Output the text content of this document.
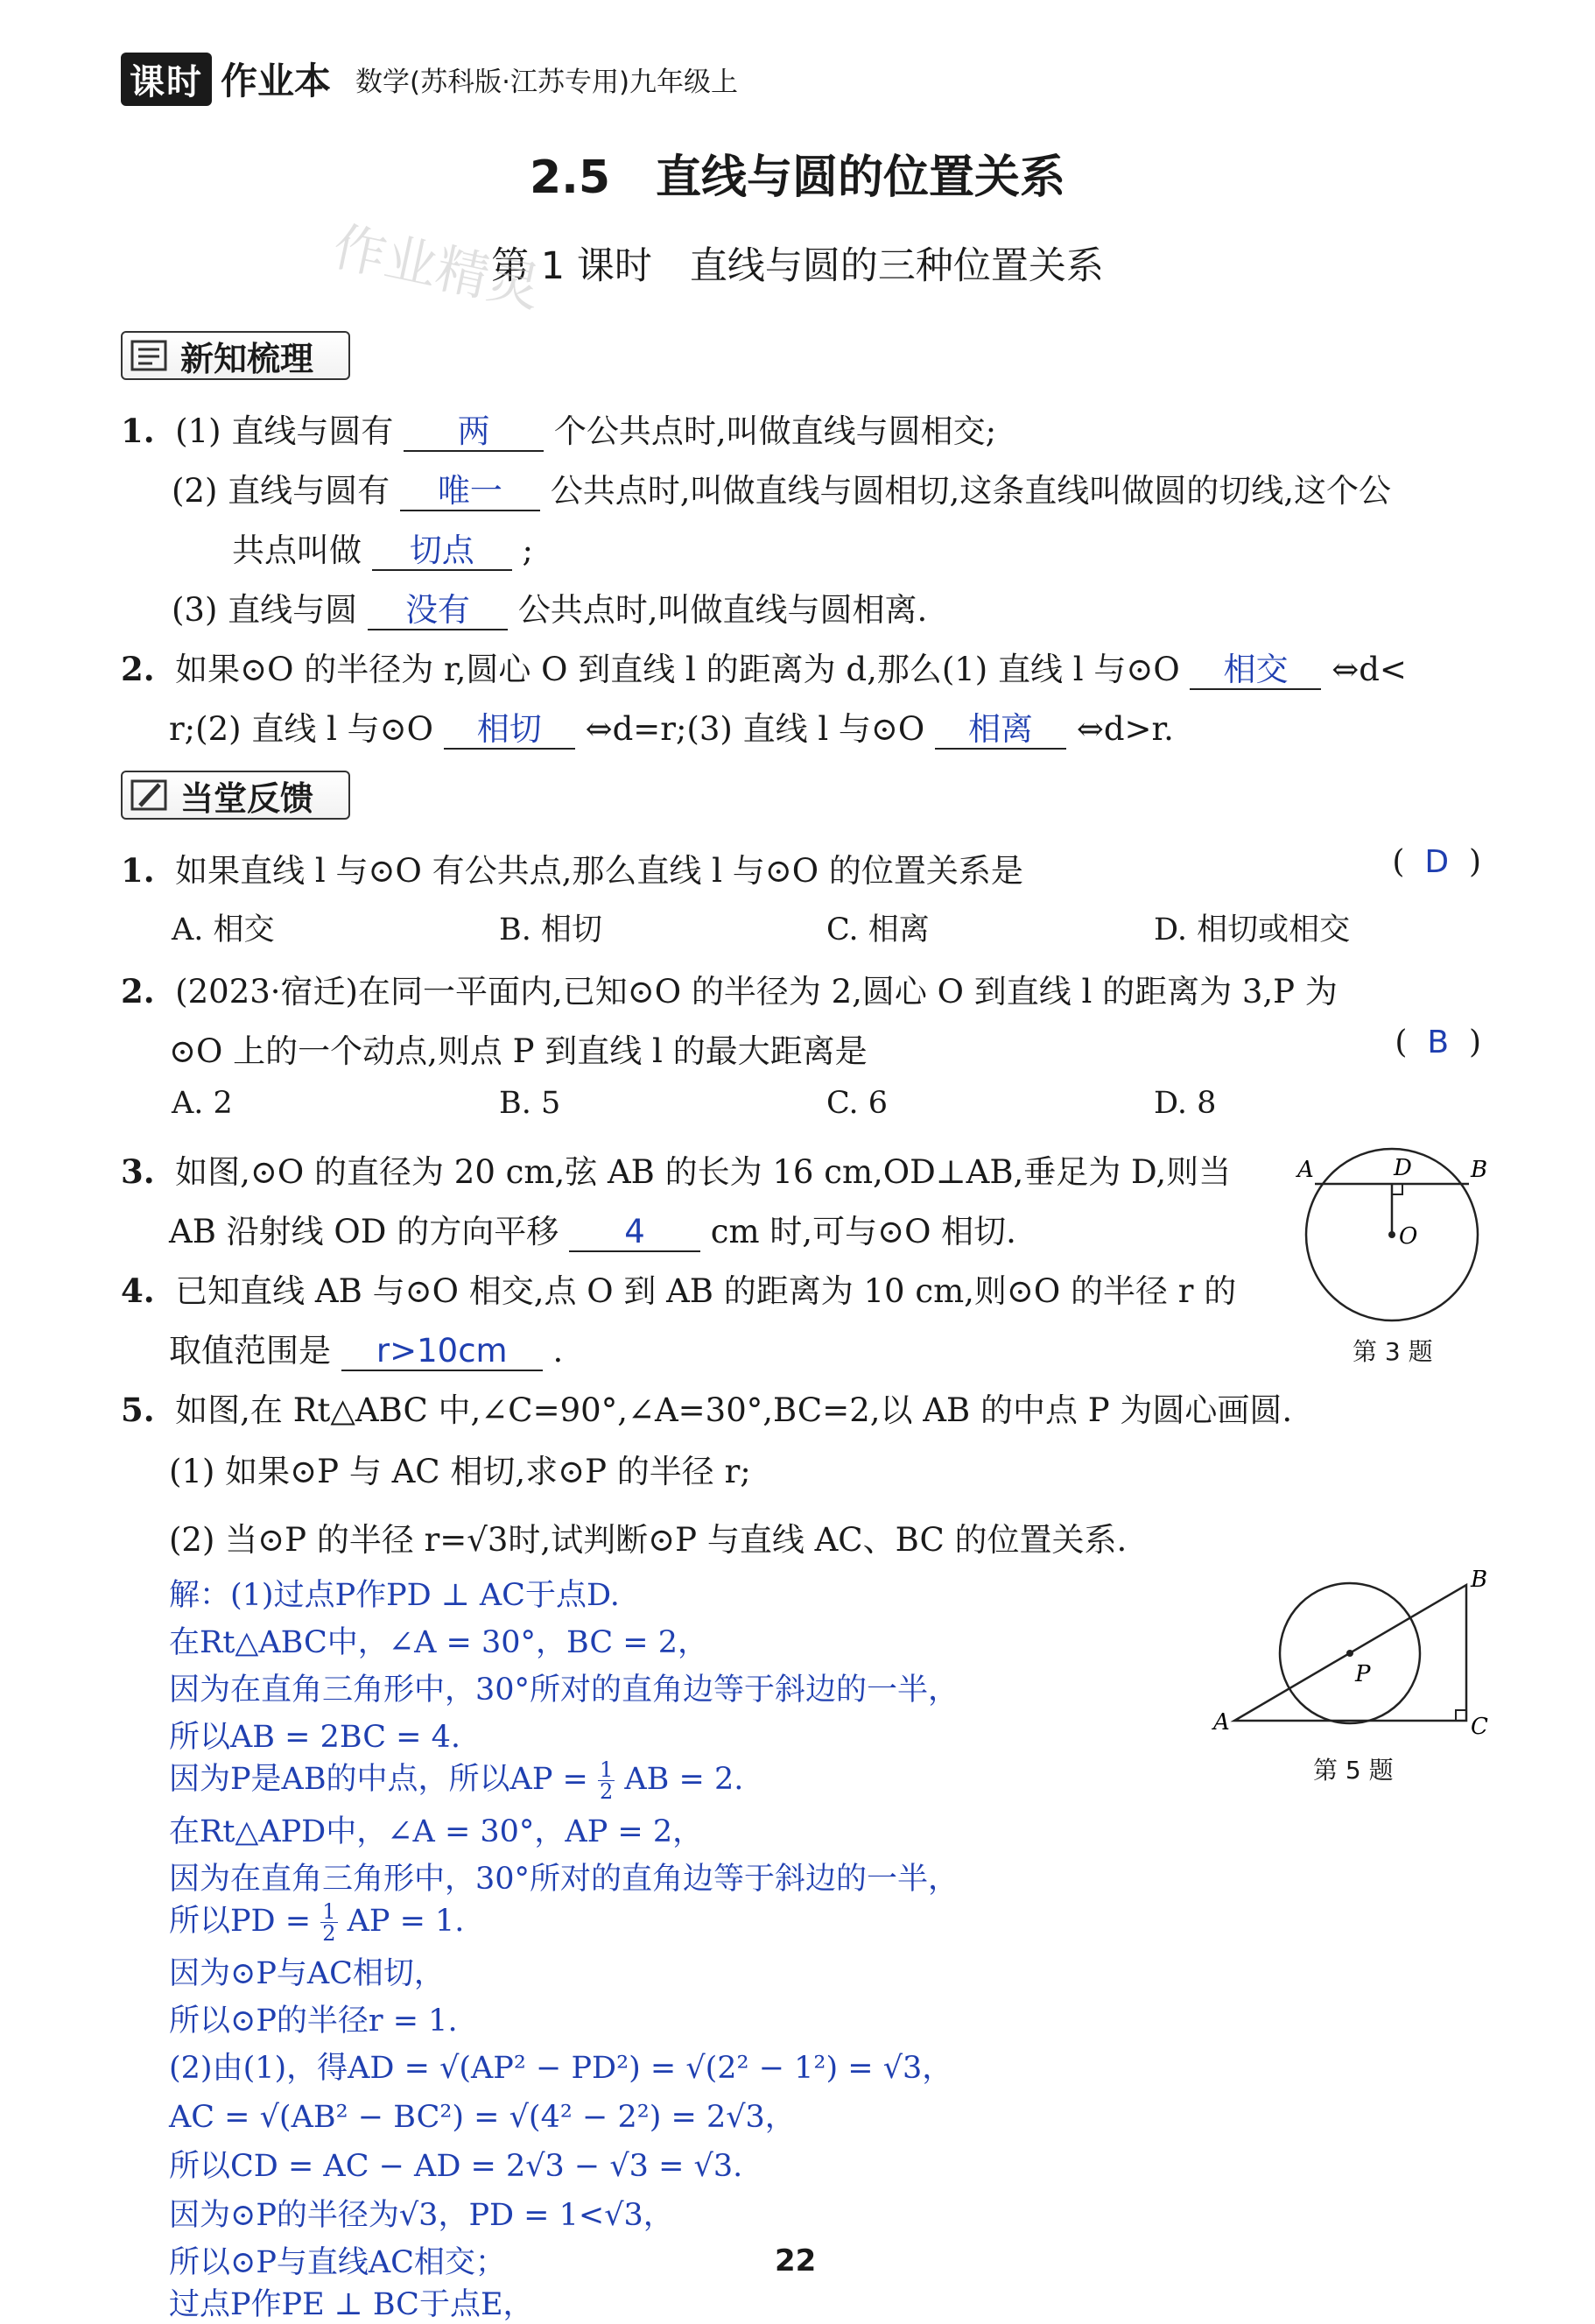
课时 作业本 数学(苏科版·江苏专用)九年级上
2.5　直线与圆的位置关系
第 1 课时　直线与圆的三种位置关系
作业精灵
新知梳理
1. (1) 直线与圆有 两 个公共点时,叫做直线与圆相交;
(2) 直线与圆有 唯一 公共点时,叫做直线与圆相切,这条直线叫做圆的切线,这个公
共点叫做 切点 ;
(3) 直线与圆 没有 公共点时,叫做直线与圆相离.
2. 如果⊙O 的半径为 r,圆心 O 到直线 l 的距离为 d,那么(1) 直线 l 与⊙O 相交 ⇔d<
r;(2) 直线 l 与⊙O 相切 ⇔d=r;(3) 直线 l 与⊙O 相离 ⇔d>r.
当堂反馈
1. 如果直线 l 与⊙O 有公共点,那么直线 l 与⊙O 的位置关系是	(  D  )
A. 相交	B. 相切	C. 相离	D. 相切或相交
2. (2023·宿迁)在同一平面内,已知⊙O 的半径为 2,圆心 O 到直线 l 的距离为 3,P 为
⊙O 上的一个动点,则点 P 到直线 l 的最大距离是	(  B  )
A. 2	B. 5	C. 6	D. 8
3. 如图,⊙O 的直径为 20 cm,弦 AB 的长为 16 cm,OD⊥AB,垂足为 D,则当
AB 沿射线 OD 的方向平移 4 cm 时,可与⊙O 相切.
A	D	B
O
第 3 题
4. 已知直线 AB 与⊙O 相交,点 O 到 AB 的距离为 10 cm,则⊙O 的半径 r 的
取值范围是 r>10cm .
5. 如图,在 Rt△ABC 中,∠C=90°,∠A=30°,BC=2,以 AB 的中点 P 为圆心画圆.
(1) 如果⊙P 与 AC 相切,求⊙P 的半径 r;
(2) 当⊙P 的半径 r=√3时,试判断⊙P 与直线 AC、BC 的位置关系.
A
B
C
P
第 5 题
解：(1)过点P作PD ⊥ AC于点D.
在Rt△ABC中，∠A = 30°，BC = 2，
因为在直角三角形中，30°所对的直角边等于斜边的一半，
所以AB = 2BC = 4.
因为P是AB的中点，所以AP = $\frac{1}{2}$ AB = 2.
在Rt△APD中，∠A = 30°，AP = 2，
因为在直角三角形中，30°所对的直角边等于斜边的一半，
所以PD = $\frac{1}{2}$ AP = 1.
因为⊙P与AC相切，
所以⊙P的半径r = 1.
(2)由(1)，得AD = √(AP² − PD²) = √(2² − 1²) = √3，
AC = √(AB² − BC²) = √(4² − 2²) = 2√3，
所以CD = AC − AD = 2√3 − √3 = √3.
因为⊙P的半径为√3，PD = 1<√3，
所以⊙P与直线AC相交；
过点P作PE ⊥ BC于点E，
22
